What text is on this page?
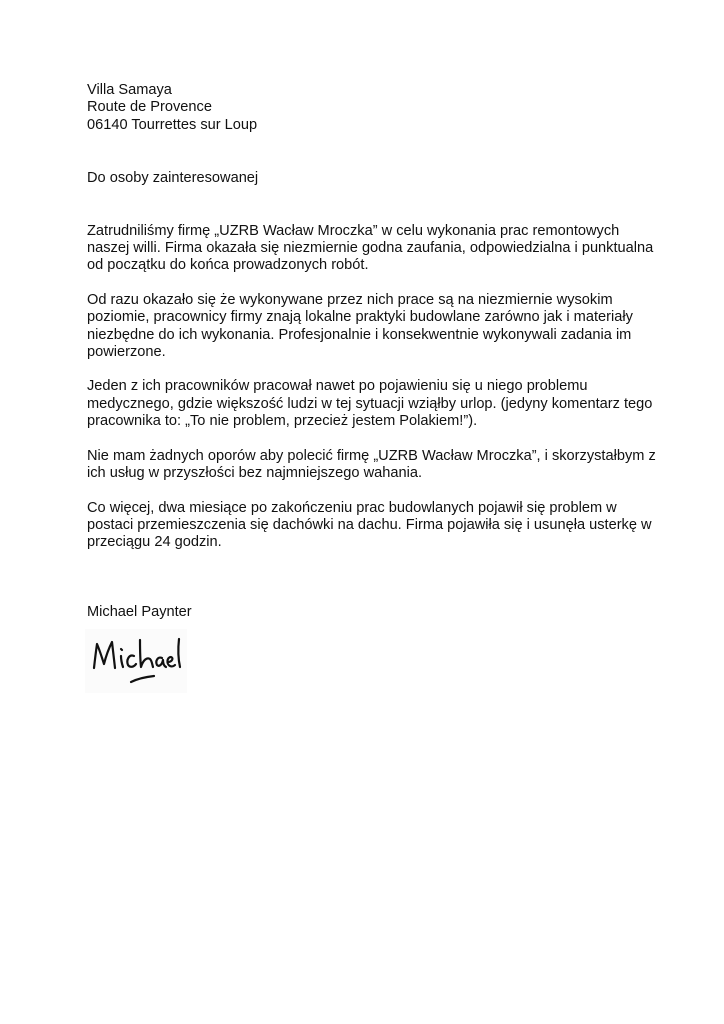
Villa Samaya
Route de Provence
06140 Tourrettes sur Loup
Do osoby zainteresowanej

Zatrudniliśmy firmę „UZRB Wacław Mroczka” w celu wykonania prac remontowych naszej willi. Firma okazała się niezmiernie godna zaufania, odpowiedzialna i punktualna od początku do końca prowadzonych robót.

Od razu okazało się że wykonywane przez nich prace są na niezmiernie wysokim poziomie, pracownicy firmy znają lokalne praktyki budowlane zarówno jak i materiały niezbędne do ich wykonania. Profesjonalnie i konsekwentnie wykonywali zadania im powierzone.

Jeden z ich pracowników pracował nawet po pojawieniu się u niego problemu medycznego, gdzie większość ludzi w tej sytuacji wziąłby urlop. (jedyny komentarz tego pracownika to: „To nie problem, przecież jestem Polakiem!”).

Nie mam żadnych oporów aby polecić firmę „UZRB Wacław Mroczka”, i skorzystałbym z ich usług w przyszłości bez najmniejszego wahania.

Co więcej, dwa miesiące po zakończeniu prac budowlanych pojawił się problem w postaci przemieszczenia się dachówki na dachu. Firma pojawiła się i usunęła usterkę w przeciągu 24 godzin.

Michael Paynter
